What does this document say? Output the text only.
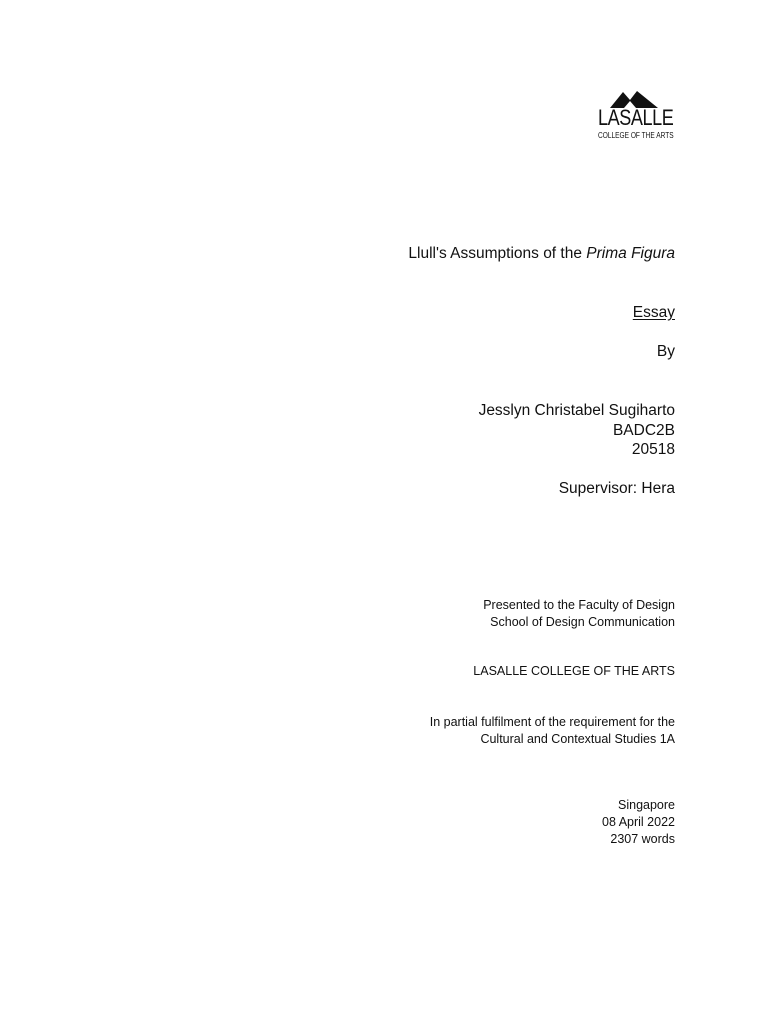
LASALLE
COLLEGE OF THE ARTS
Llull's Assumptions of the Prima Figura
Essay
By
Jesslyn Christabel Sugiharto
BADC2B
20518
Supervisor: Hera
Presented to the Faculty of Design
School of Design Communication
LASALLE COLLEGE OF THE ARTS
In partial fulfilment of the requirement for the
Cultural and Contextual Studies 1A
Singapore
08 April 2022
2307 words
